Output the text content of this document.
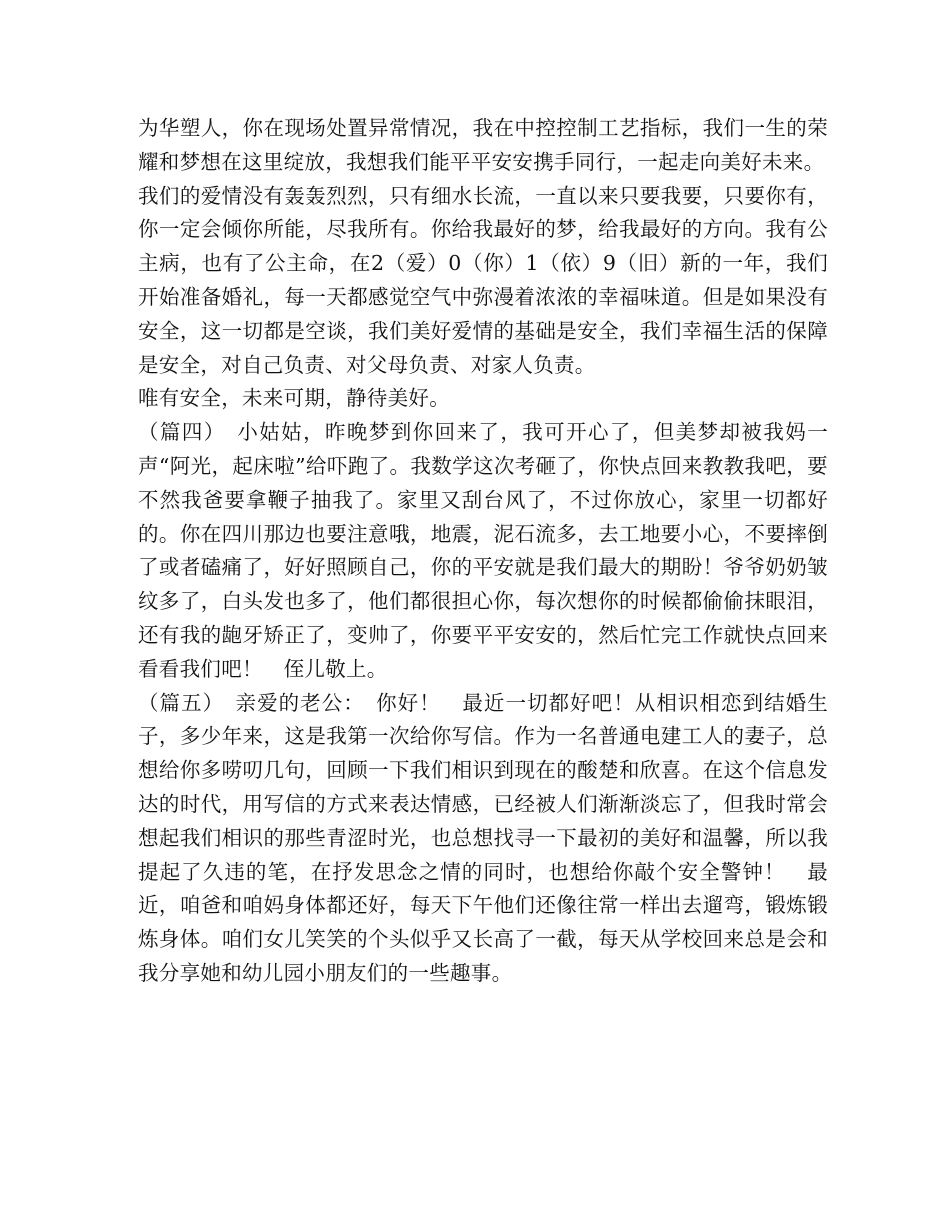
为华塑人，你在现场处置异常情况，我在中控控制工艺指标，我们一生的荣耀和梦想在这里绽放，我想我们能平平安安携手同行，一起走向美好未来。

我们的爱情没有轰轰烈烈，只有细水长流，一直以来只要我要，只要你有，你一定会倾你所能，尽我所有。你给我最好的梦，给我最好的方向。我有公主病，也有了公主命，在2（爱）0（你）1（依）9（旧）新的一年，我们开始准备婚礼，每一天都感觉空气中弥漫着浓浓的幸福味道。但是如果没有安全，这一切都是空谈，我们美好爱情的基础是安全，我们幸福生活的保障是安全，对自己负责、对父母负责、对家人负责。

唯有安全，未来可期，静待美好。

（篇四）　小姑姑，昨晚梦到你回来了，我可开心了，但美梦却被我妈一声“阿光，起床啦”给吓跑了。我数学这次考砸了，你快点回来教教我吧，要不然我爸要拿鞭子抽我了。家里又刮台风了，不过你放心，家里一切都好的。你在四川那边也要注意哦，地震，泥石流多，去工地要小心，不要摔倒了或者磕痛了，好好照顾自己，你的平安就是我们最大的期盼！爷爷奶奶皱纹多了，白头发也多了，他们都很担心你，每次想你的时候都偷偷抹眼泪，还有我的龅牙矫正了，变帅了，你要平平安安的，然后忙完工作就快点回来看看我们吧！　侄儿敬上。

（篇五）　亲爱的老公：　你好！　最近一切都好吧！从相识相恋到结婚生子，多少年来，这是我第一次给你写信。作为一名普通电建工人的妻子，总想给你多唠叨几句，回顾一下我们相识到现在的酸楚和欣喜。在这个信息发达的时代，用写信的方式来表达情感，已经被人们渐渐淡忘了，但我时常会想起我们相识的那些青涩时光，也总想找寻一下最初的美好和温馨，所以我提起了久违的笔，在抒发思念之情的同时，也想给你敲个安全警钟！　最近，咱爸和咱妈身体都还好，每天下午他们还像往常一样出去遛弯，锻炼锻炼身体。咱们女儿笑笑的个头似乎又长高了一截，每天从学校回来总是会和我分享她和幼儿园小朋友们的一些趣事。
